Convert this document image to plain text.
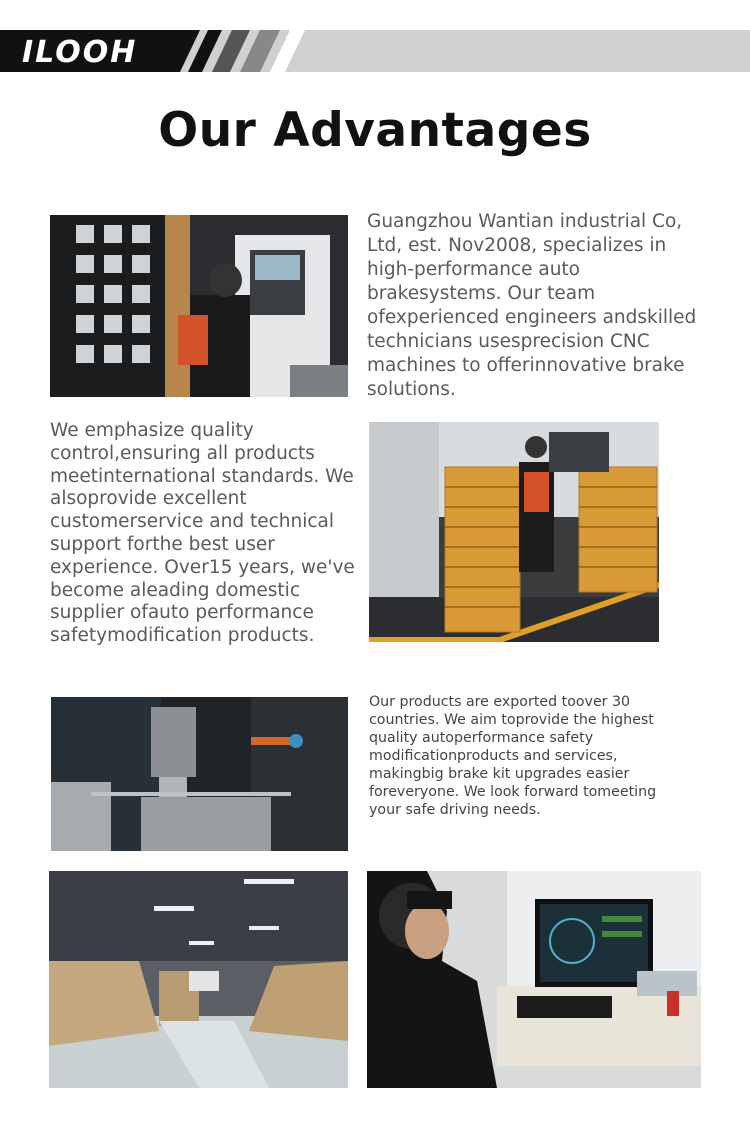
ILOOH
Our Advantages
Guangzhou Wantian industrial Co, Ltd, est. Nov2008, specializes in high-performance auto brakesystems. Our team ofexperienced engineers andskilled technicians usesprecision CNC machines to offerinnovative brake solutions.
We emphasize quality control,ensuring all products meetinternational standards. We alsoprovide excellent customerservice and technical support forthe best user experience. Over15 years, we've become aleading domestic supplier ofauto performance safetymodification products.
Our products are exported toover 30 countries. We aim toprovide the highest quality autoperformance safety modificationproducts and services, makingbig brake kit upgrades easier foreveryone. We look forward tomeeting your safe driving needs.
